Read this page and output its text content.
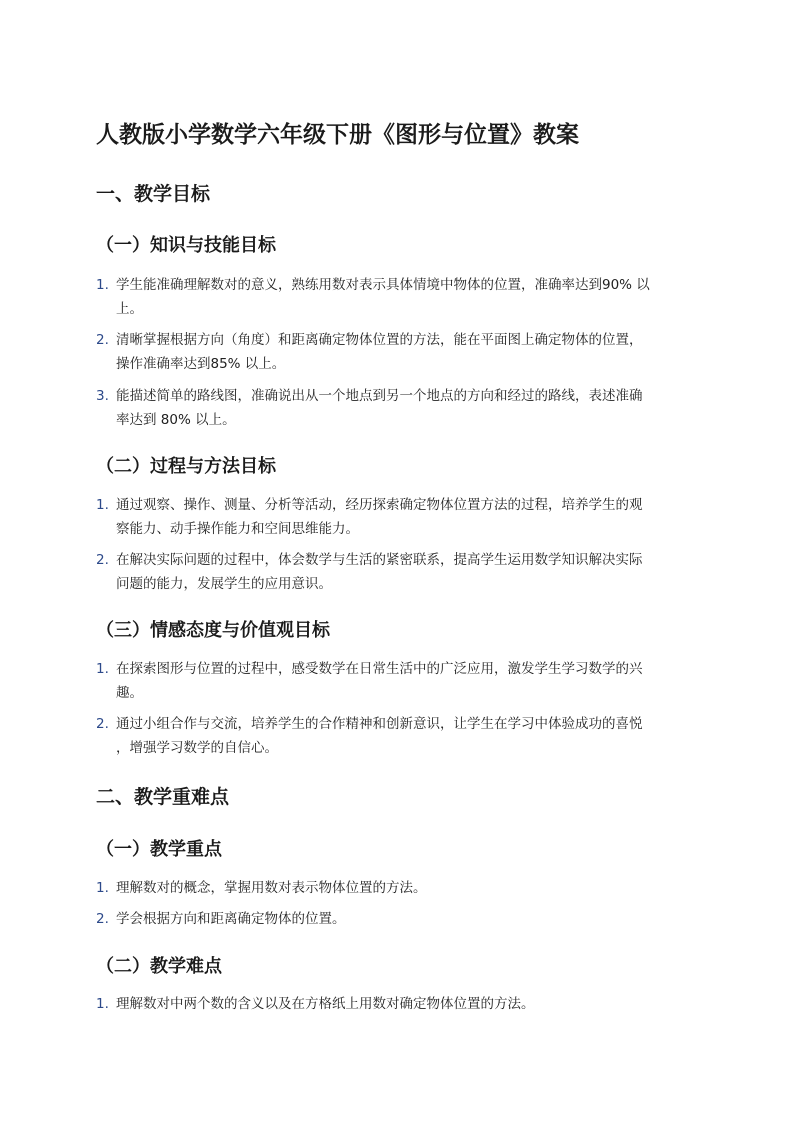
人教版小学数学六年级下册《图形与位置》教案
一、教学目标
（一）知识与技能目标
1. 学生能准确理解数对的意义，熟练用数对表示具体情境中物体的位置，准确率达到90% 以
上。
2. 清晰掌握根据方向（角度）和距离确定物体位置的方法，能在平面图上确定物体的位置，
操作准确率达到85% 以上。
3. 能描述简单的路线图，准确说出从一个地点到另一个地点的方向和经过的路线，表述准确
率达到 80% 以上。
（二）过程与方法目标
1. 通过观察、操作、测量、分析等活动，经历探索确定物体位置方法的过程，培养学生的观
察能力、动手操作能力和空间思维能力。
2. 在解决实际问题的过程中，体会数学与生活的紧密联系，提高学生运用数学知识解决实际
问题的能力，发展学生的应用意识。
（三）情感态度与价值观目标
1. 在探索图形与位置的过程中，感受数学在日常生活中的广泛应用，激发学生学习数学的兴
趣。
2. 通过小组合作与交流，培养学生的合作精神和创新意识，让学生在学习中体验成功的喜悦
，增强学习数学的自信心。
二、教学重难点
（一）教学重点
1. 理解数对的概念，掌握用数对表示物体位置的方法。
2. 学会根据方向和距离确定物体的位置。
（二）教学难点
1. 理解数对中两个数的含义以及在方格纸上用数对确定物体位置的方法。
